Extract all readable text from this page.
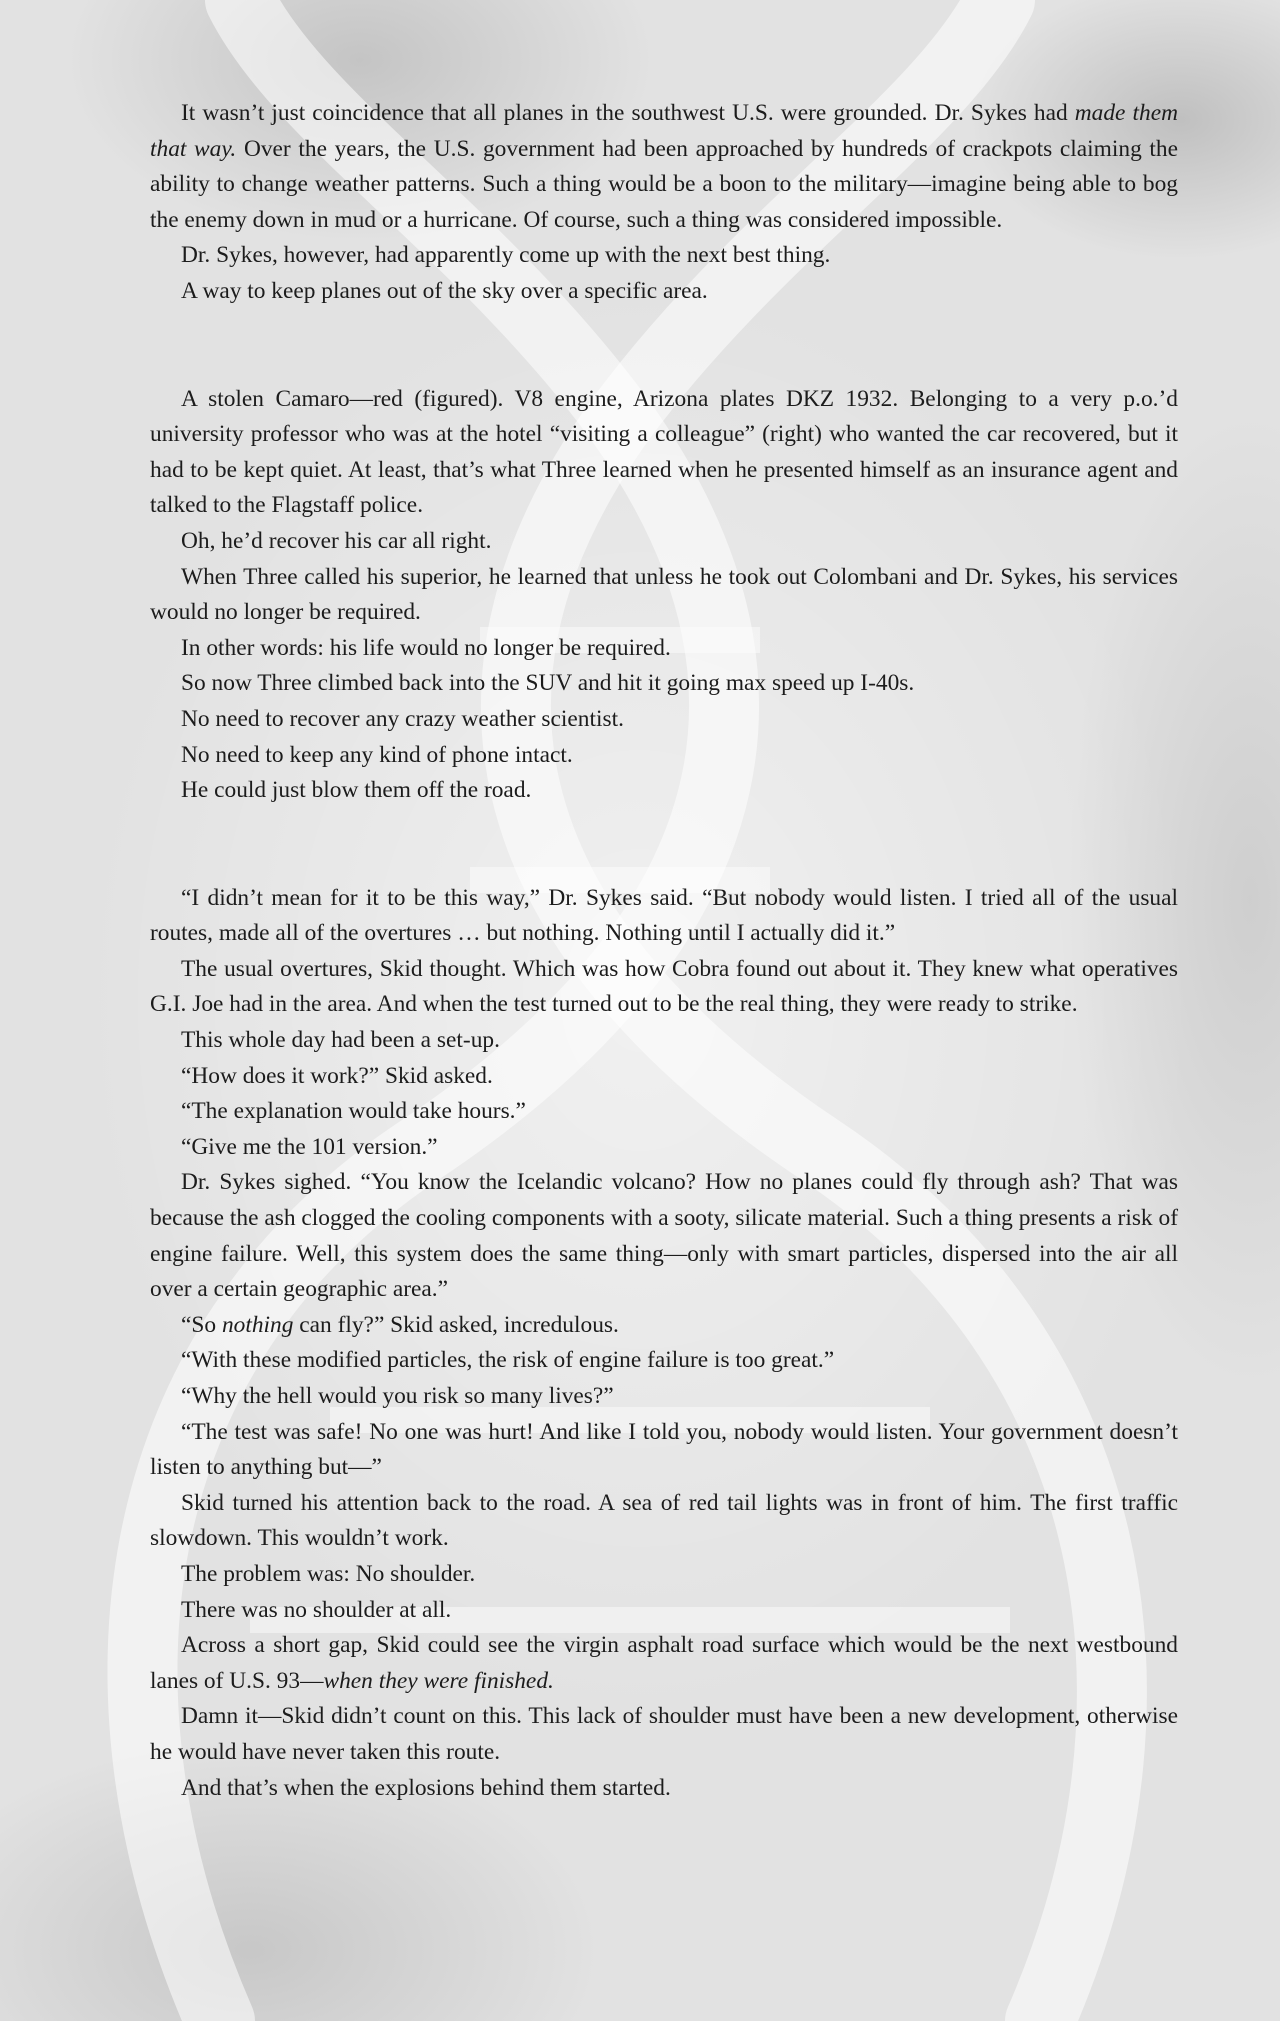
It wasn’t just coincidence that all planes in the southwest U.S. were grounded. Dr. Sykes had made them that way. Over the years, the U.S. government had been approached by hundreds of crackpots claiming the ability to change weather patterns. Such a thing would be a boon to the military—imagine being able to bog the enemy down in mud or a hurricane. Of course, such a thing was considered impossible.

Dr. Sykes, however, had apparently come up with the next best thing.

A way to keep planes out of the sky over a specific area.

A stolen Camaro—red (figured). V8 engine, Arizona plates DKZ 1932. Belonging to a very p.o.’d university professor who was at the hotel “visiting a colleague” (right) who wanted the car recovered, but it had to be kept quiet. At least, that’s what Three learned when he presented himself as an insurance agent and talked to the Flagstaff police.

Oh, he’d recover his car all right.

When Three called his superior, he learned that unless he took out Colombani and Dr. Sykes, his services would no longer be required.

In other words: his life would no longer be required.

So now Three climbed back into the SUV and hit it going max speed up I-40s.

No need to recover any crazy weather scientist.

No need to keep any kind of phone intact.

He could just blow them off the road.

“I didn’t mean for it to be this way,” Dr. Sykes said. “But nobody would listen. I tried all of the usual routes, made all of the overtures … but nothing. Nothing until I actually did it.”

The usual overtures, Skid thought. Which was how Cobra found out about it. They knew what operatives G.I. Joe had in the area. And when the test turned out to be the real thing, they were ready to strike.

This whole day had been a set-up.

“How does it work?” Skid asked.

“The explanation would take hours.”

“Give me the 101 version.”

Dr. Sykes sighed. “You know the Icelandic volcano? How no planes could fly through ash? That was because the ash clogged the cooling components with a sooty, silicate material. Such a thing presents a risk of engine failure. Well, this system does the same thing—only with smart particles, dispersed into the air all over a certain geographic area.”

“So nothing can fly?” Skid asked, incredulous.

“With these modified particles, the risk of engine failure is too great.”

“Why the hell would you risk so many lives?”

“The test was safe! No one was hurt! And like I told you, nobody would listen. Your government doesn’t listen to anything but—”

Skid turned his attention back to the road. A sea of red tail lights was in front of him. The first traffic slowdown. This wouldn’t work.

The problem was: No shoulder.

There was no shoulder at all.

Across a short gap, Skid could see the virgin asphalt road surface which would be the next westbound lanes of U.S. 93—when they were finished.

Damn it—Skid didn’t count on this. This lack of shoulder must have been a new development, otherwise he would have never taken this route.

And that’s when the explosions behind them started.
